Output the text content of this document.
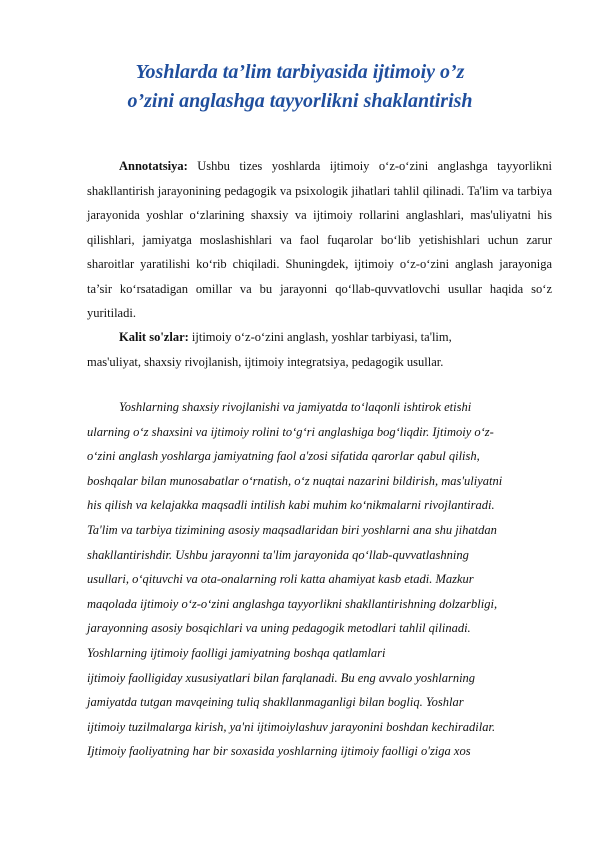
Yoshlarda ta’lim tarbiyasida ijtimoiy o’z
o’zini anglashga tayyorlikni shaklantirish

Annotatsiya: Ushbu tizes yoshlarda ijtimoiy o‘z-o‘zini anglashga tayyorlikni shakllantirish jarayonining pedagogik va psixologik jihatlari tahlil qilinadi. Ta'lim va tarbiya jarayonida yoshlar o‘zlarining shaxsiy va ijtimoiy rollarini anglashlari, mas'uliyatni his qilishlari, jamiyatga moslashishlari va faol fuqarolar bo‘lib yetishishlari uchun zarur sharoitlar yaratilishi ko‘rib chiqiladi. Shuningdek, ijtimoiy o‘z-o‘zini anglash jarayoniga ta’sir ko‘rsatadigan omillar va bu jarayonni qo‘llab-quvvatlovchi usullar haqida so‘z yuritiladi.

Kalit so'zlar: ijtimoiy o‘z-o‘zini anglash, yoshlar tarbiyasi, ta'lim,

mas'uliyat, shaxsiy rivojlanish, ijtimoiy integratsiya, pedagogik usullar.

Yoshlarning shaxsiy rivojlanishi va jamiyatda to‘laqonli ishtirok etishi

ularning o‘z shaxsini va ijtimoiy rolini to‘g‘ri anglashiga bog‘liqdir. Ijtimoiy o‘z-

o‘zini anglash yoshlarga jamiyatning faol a'zosi sifatida qarorlar qabul qilish,

boshqalar bilan munosabatlar o‘rnatish, o‘z nuqtai nazarini bildirish, mas'uliyatni

his qilish va kelajakka maqsadli intilish kabi muhim ko‘nikmalarni rivojlantiradi.

Ta'lim va tarbiya tizimining asosiy maqsadlaridan biri yoshlarni ana shu jihatdan

shakllantirishdir. Ushbu jarayonni ta'lim jarayonida qo‘llab-quvvatlashning

usullari, o‘qituvchi va ota-onalarning roli katta ahamiyat kasb etadi. Mazkur

maqolada ijtimoiy o‘z-o‘zini anglashga tayyorlikni shakllantirishning dolzarbligi,

jarayonning asosiy bosqichlari va uning pedagogik metodlari tahlil qilinadi.

Yoshlarning ijtimoiy faolligi jamiyatning boshqa qatlamlari

ijtimoiy faolligiday xususiyatlari bilan farqlanadi. Bu eng avvalo yoshlarning

jamiyatda tutgan mavqeining tuliq shakllanmaganligi bilan bogliq. Yoshlar

ijtimoiy tuzilmalarga kirish, ya'ni ijtimoiylashuv jarayonini boshdan kechiradilar.

Ijtimoiy faoliyatning har bir soxasida yoshlarning ijtimoiy faolligi o'ziga xos
